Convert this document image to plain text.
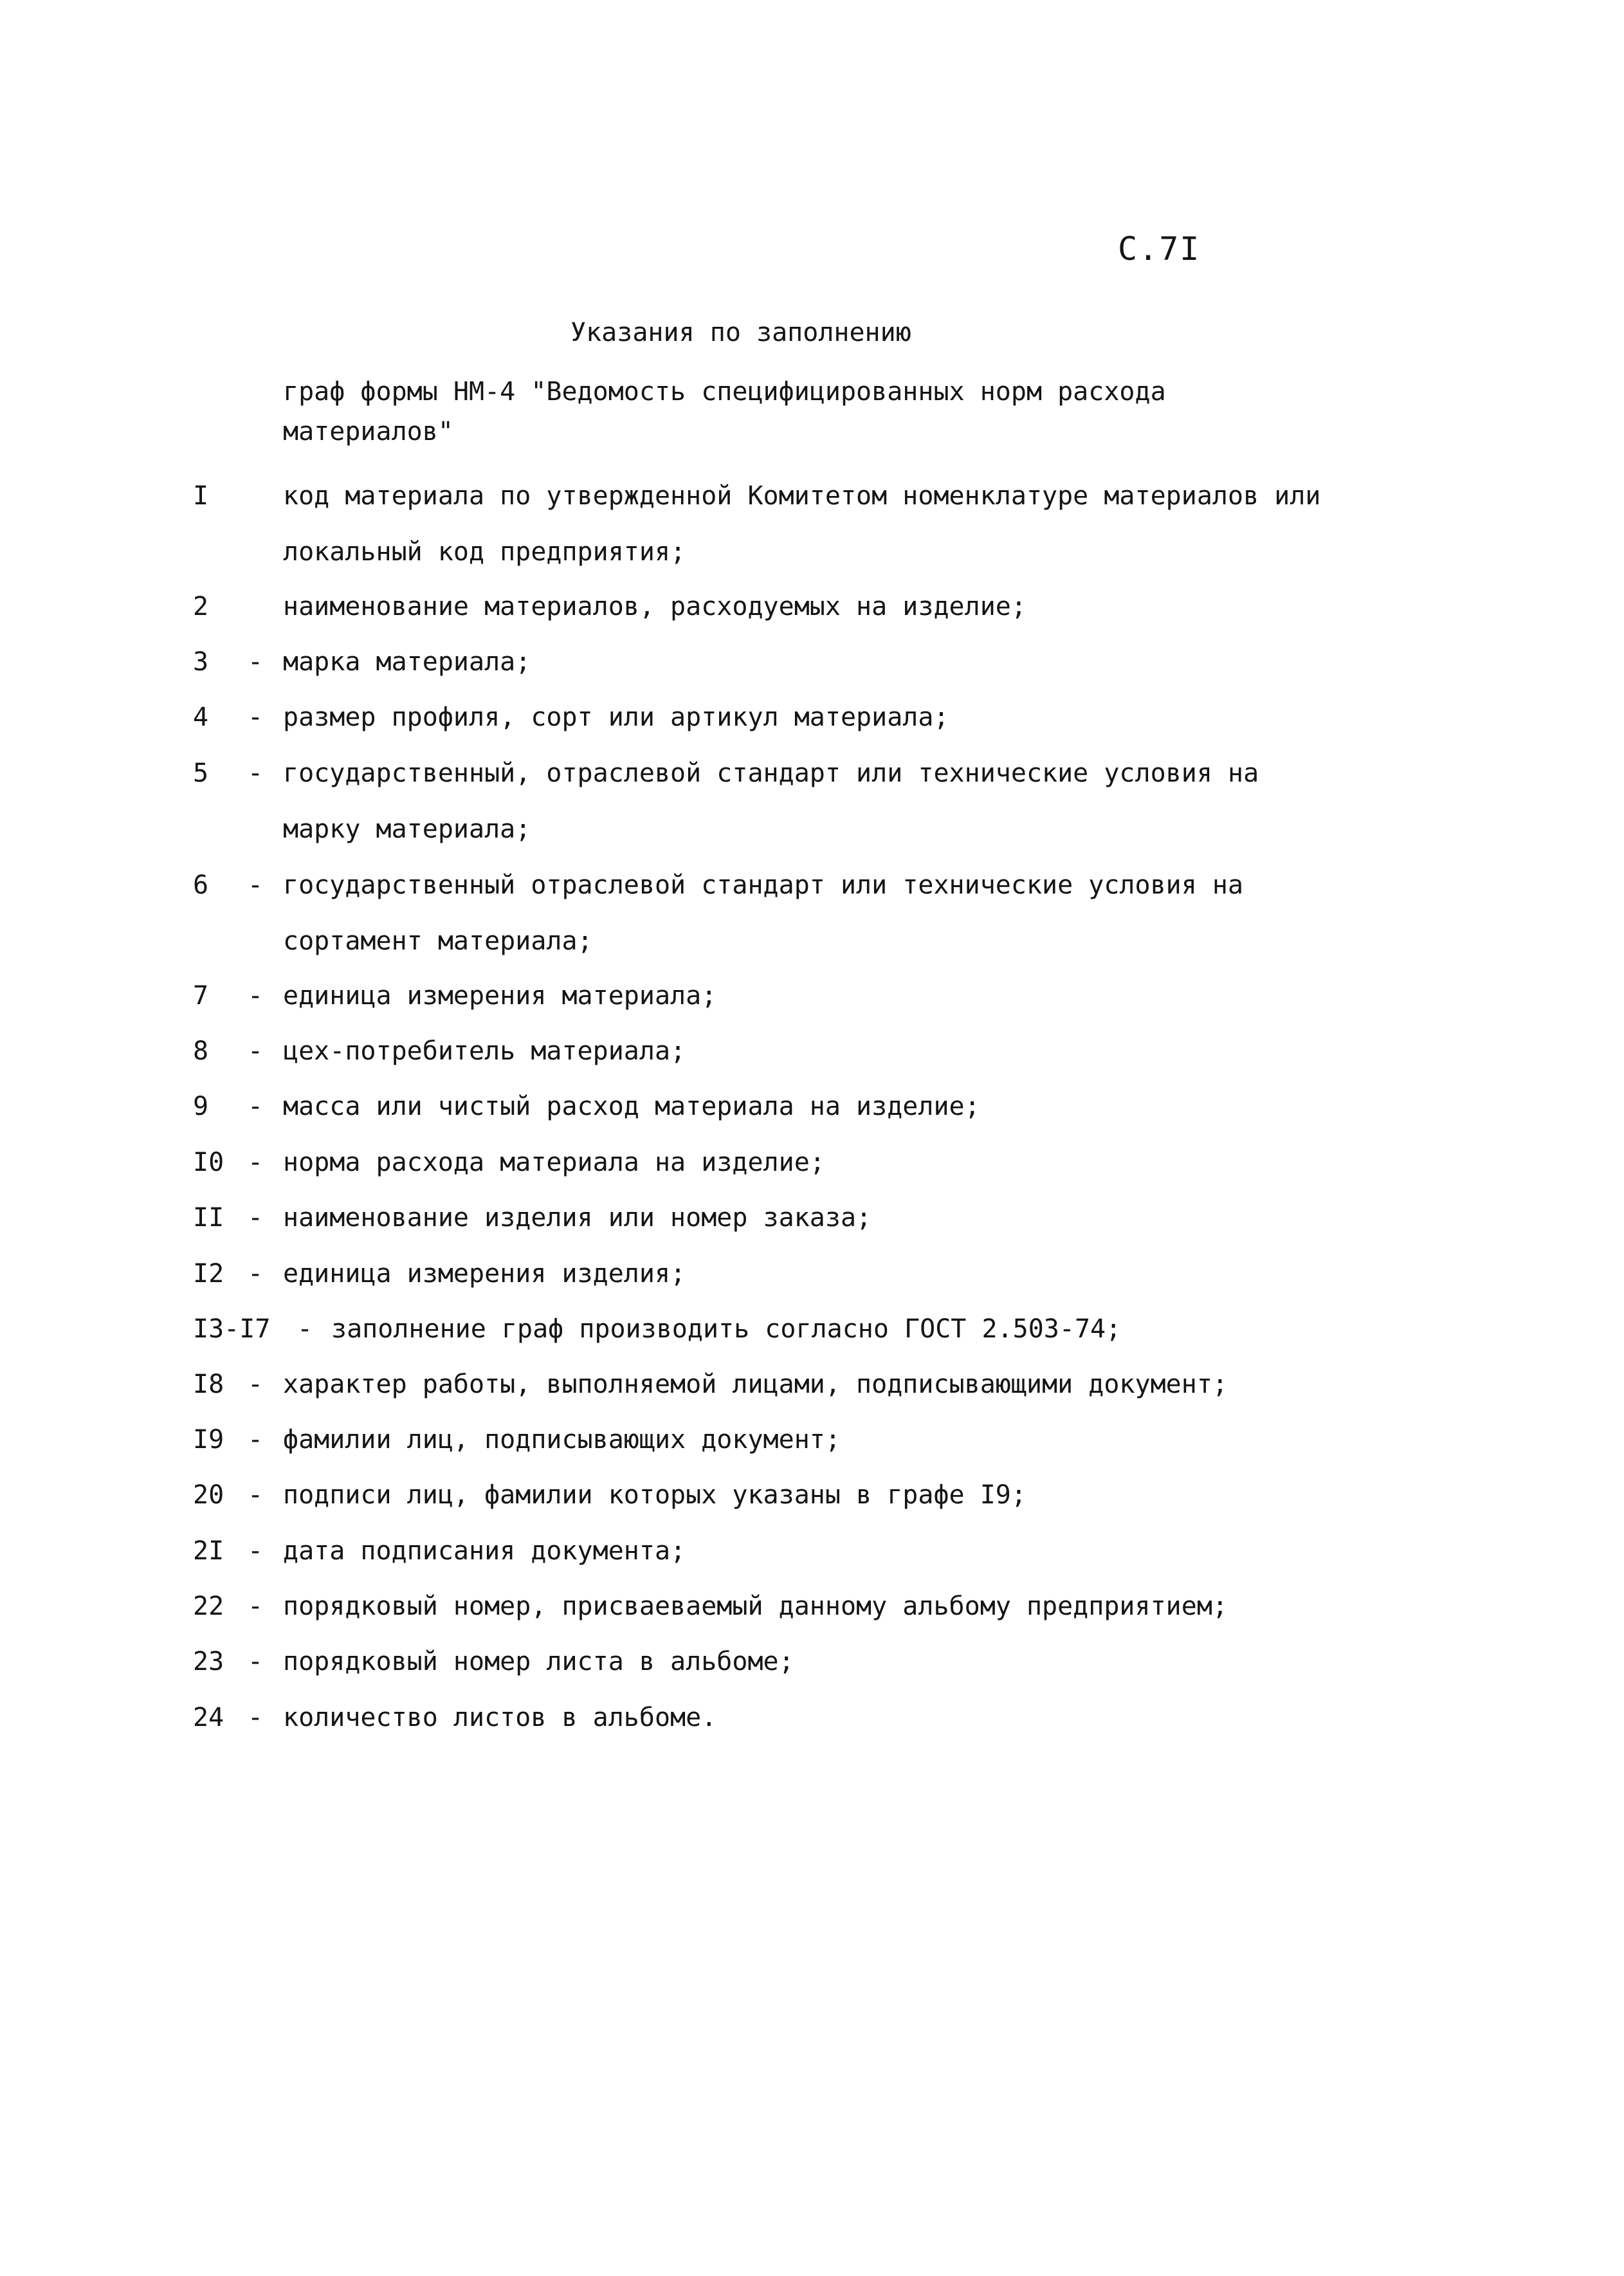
С.7I
Указания по заполнению
граф формы НМ-4 "Ведомость специфицированных норм расхода
материалов"
I	код материала по утвержденной Комитетом номенклатуре материалов или локальный код предприятия;
2	наименование материалов, расходуемых на изделие;
3 - марка материала;
4 - размер профиля, сорт или артикул материала;
5 - государственный, отраслевой стандарт или технические условия на марку материала;
6 - государственный отраслевой стандарт или технические условия на сортамент материала;
7 - единица измерения материала;
8 - цех-потребитель материала;
9 - масса или чистый расход материала на изделие;
I0 - норма расхода материала на изделие;
II - наименование изделия или номер заказа;
I2 - единица измерения изделия;
I3-I7 - заполнение граф производить согласно ГОСТ 2.503-74;
I8 - характер работы, выполняемой лицами, подписывающими документ;
I9 - фамилии лиц, подписывающих документ;
20 - подписи лиц, фамилии которых указаны в графе I9;
2I - дата подписания документа;
22 - порядковый номер, присваеваемый данному альбому предприятием;
23 - порядковый номер листа в альбоме;
24 - количество листов в альбоме.
